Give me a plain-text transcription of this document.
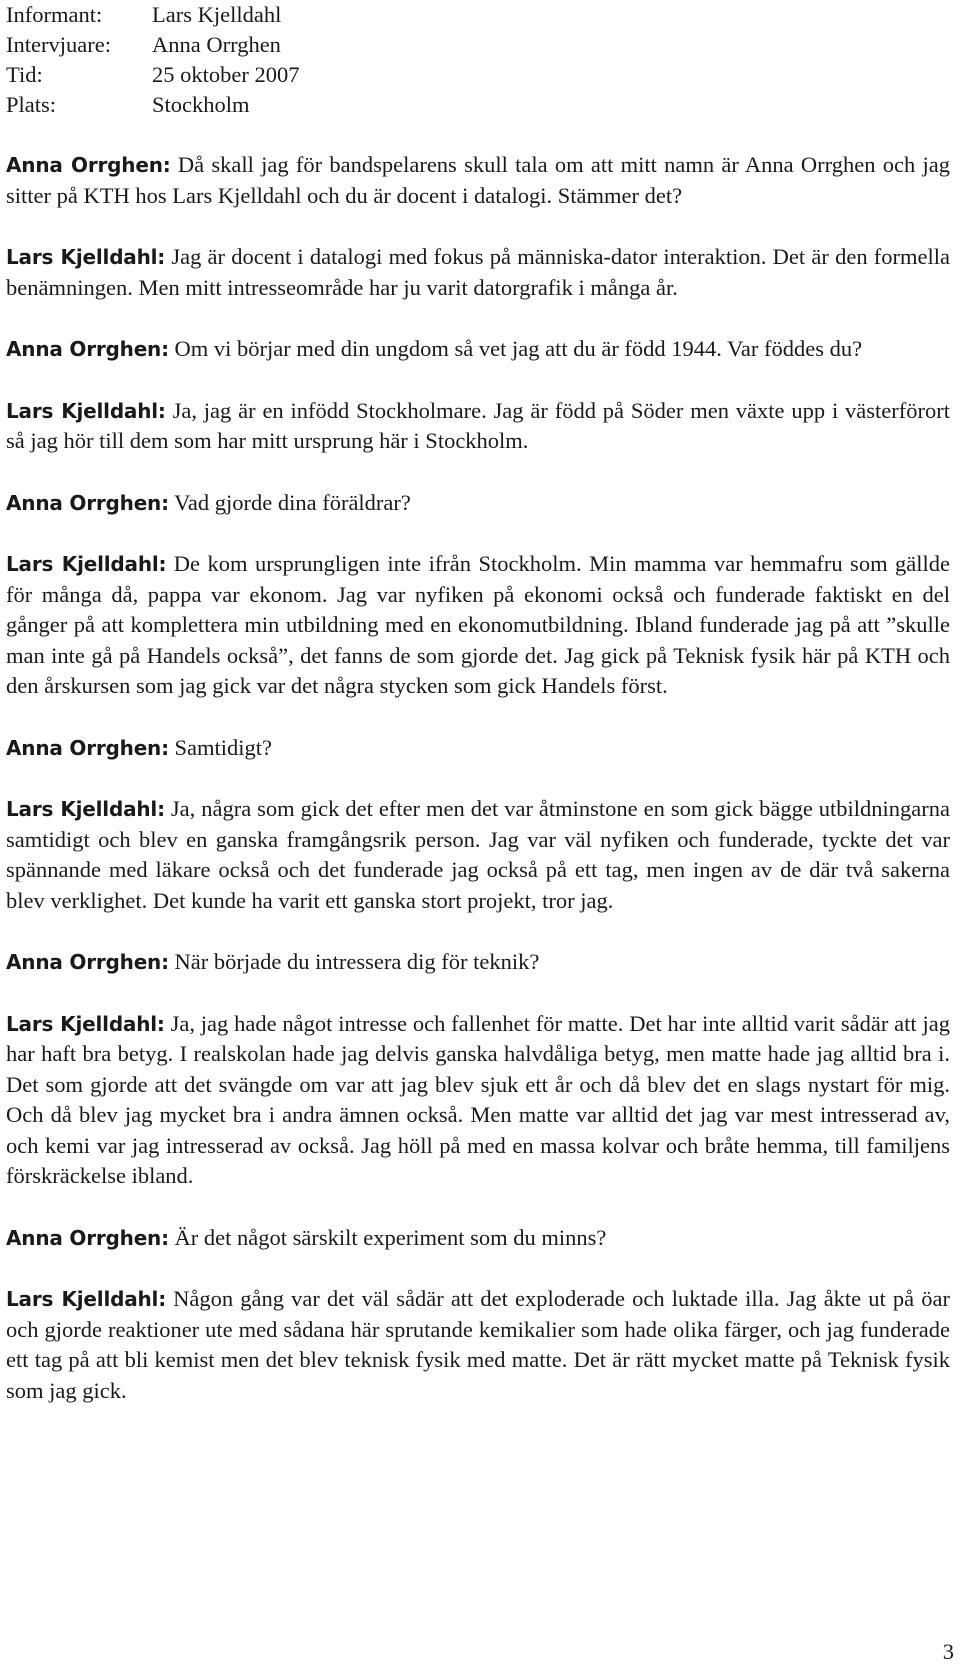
Informant:	Lars Kjelldahl
Intervjuare:	Anna Orrghen
Tid:	25 oktober 2007
Plats:	Stockholm

Anna Orrghen: Då skall jag för bandspelarens skull tala om att mitt namn är Anna Orrghen och jag sitter på KTH hos Lars Kjelldahl och du är docent i datalogi. Stämmer det?

Lars Kjelldahl: Jag är docent i datalogi med fokus på människa-dator interaktion. Det är den formella benämningen. Men mitt intresseområde har ju varit datorgrafik i många år.

Anna Orrghen: Om vi börjar med din ungdom så vet jag att du är född 1944. Var föddes du?

Lars Kjelldahl: Ja, jag är en infödd Stockholmare. Jag är född på Söder men växte upp i västerförort så jag hör till dem som har mitt ursprung här i Stockholm.

Anna Orrghen: Vad gjorde dina föräldrar?

Lars Kjelldahl: De kom ursprungligen inte ifrån Stockholm. Min mamma var hemmafru som gällde för många då, pappa var ekonom. Jag var nyfiken på ekonomi också och funderade faktiskt en del gånger på att komplettera min utbildning med en ekonomutbildning. Ibland funderade jag på att ”skulle man inte gå på Handels också”, det fanns de som gjorde det. Jag gick på Teknisk fysik här på KTH och den årskursen som jag gick var det några stycken som gick Handels först.

Anna Orrghen: Samtidigt?

Lars Kjelldahl: Ja, några som gick det efter men det var åtminstone en som gick bägge utbildningarna samtidigt och blev en ganska framgångsrik person. Jag var väl nyfiken och funderade, tyckte det var spännande med läkare också och det funderade jag också på ett tag, men ingen av de där två sakerna blev verklighet. Det kunde ha varit ett ganska stort projekt, tror jag.

Anna Orrghen: När började du intressera dig för teknik?

Lars Kjelldahl: Ja, jag hade något intresse och fallenhet för matte. Det har inte alltid varit sådär att jag har haft bra betyg. I realskolan hade jag delvis ganska halvdåliga betyg, men matte hade jag alltid bra i. Det som gjorde att det svängde om var att jag blev sjuk ett år och då blev det en slags nystart för mig. Och då blev jag mycket bra i andra ämnen också. Men matte var alltid det jag var mest intresserad av, och kemi var jag intresserad av också. Jag höll på med en massa kolvar och bråte hemma, till familjens förskräckelse ibland.

Anna Orrghen: Är det något särskilt experiment som du minns?

Lars Kjelldahl: Någon gång var det väl sådär att det exploderade och luktade illa. Jag åkte ut på öar och gjorde reaktioner ute med sådana här sprutande kemikalier som hade olika färger, och jag funderade ett tag på att bli kemist men det blev teknisk fysik med matte. Det är rätt mycket matte på Teknisk fysik som jag gick.

3
